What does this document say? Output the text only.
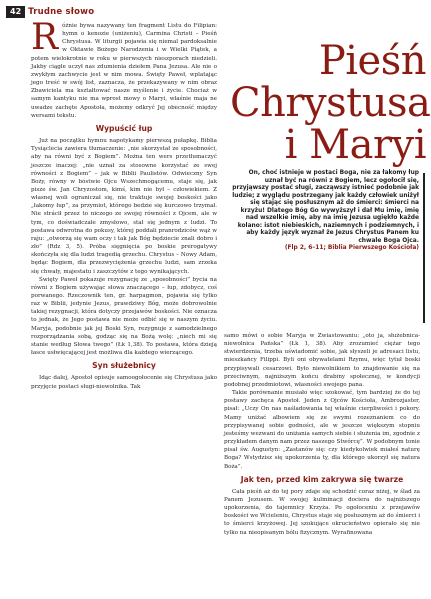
42 Trudne słowo
R óżnie bywa nazywany ten fragment Listu do Filipian: hymn o kenozie (uniżeniu), Carmina Christi – Pieśń Chrystusa. W liturgii pojawia się niemal pardoksalnie w Oktawie Bożego Narodzenia i w Wielki Piątek, a potem wielokrotnie w roku w pierwszych nieszporach niedzieli. Jakby ciągle uczył nas zdumienia dziełem Pana Jezusa. Ale nie o zwykłym zachwycie jest w nim mowa. Święty Paweł, wplatając jego treść w swój list, zaznacza, że przekazywany w nim obraz Zbawiciela ma kształtować nasze myślenie i życie. Chociaż w samym kantyku nie ma wprost mowy o Maryi, właśnie maja ne uwadze zachęte Apostoła, możemy odkryć Jej obecność między wersami tekstu.
Wypuścić łup

Już na początku hymnu napotykamy pierwszą pułapkę. Biblia Tysiąclecia zawiera tłumaczenie: „nie skorzystał ze sposobności, aby na równi być z Bogiem”. Można ten wers przetłumaczyć jeszcze inaczej: „nie uznał za stosowne korzystać ze swej równości z Bogiem” – jak w Biblii Paulistów. Odwieczny Syn Boży, równy w bóstwie Ojcu Wszechmogącemu, staje się, jak pisze św. Jan Chryzostom, kimś, kim nie był – człowiekiem. Z własnej woli ograniczał się, nie traktuje swojej boskości jako „łakomy łup”, za przymiot, którego bedzie się kurczowo trzymał. Nie strácił przez to niczego ze swojej równości z Ojcem, ale w tym, co doświadczałe zmysłowo, stał się jednym z ludzi. To postawa odwrotna do pokusy, której poddali pranrodziców wąż w raju: „otworzą się wam oczy i tak jak Bóg będziecie znali dobro i zło” (Rdz 3, 5). Próba sięgnięcia po boskie prerogatywy skończyła się dla ludzi tragedią grzechu. Chrystus – Nowy Adam, będąc Bogiem, dla przezwyciężenia grzechu ludzi, sam zrzeka się chwały, majestatu i zaszczytów z tego wynikających.

Święty Paweł pokazuje rezygnację ze „sposobności” bycia na równi z Bogiem używając słowa znaczącego – łup, zdobycz, coś porwanego. Rzeczownik ten, gr. harpagmon, pojawia się tylko raz w Biblii, jedynie Jezus, prawdziwy Bóg, może dobrowolnie takiej rezygnacji, która dotyczy przejawów boskości. Nie oznacza to jednak, że Jego postawa nie może odbić się w naszym życiu. Maryja, podobnie jak jej Boski Syn, rezygnuje z samodzielnego rozporządzania sobą, godząc się na Bożą wolę: „niech mi się stanie według Słowa twego” (Łk 1,38). To postawa, która dzieją łasce usłwięcającej jest możliwa dla każdego wierzącego.

Syn służebnicy

Idąc dalej, Apostoł opisuje samoogołocenie się Chrystusa jako przyjęcie postaci sługi-niewolnika. Tak

Pieśń
Chrystusa
i Maryi
On, choć istnieje w postaci Boga, nie za łakomy łup uznał być na równi z Bogiem, lecz ogołocił się, przyjąwszy postać sługi, zacząwszy istnieć podobnie jak ludzie; z wyglądu postrzegany jak każdy człowiek uniżył się stając się posłusznym aż do śmierci: śmierci na krzyżu! Dlatego Bóg Go wywyższył i dał Mu imię, imię nad wszelkie imię, aby na imię Jezusa ugiękło każde kolano: istot niebieskich, naziemnych i podziemnych, i aby każdy język wyznał że Jezus Chrystus Panem ku chwale Boga Ojca.
(Flp 2, 6–11; Biblia Pierwszego Kościoła)

samo mówi o sobie Maryja w Zwiastowaniu: „oto ja, służebnica-niewolnica Pańska” (Łk 1, 38). Aby zrozumieć ciężar tego stwierdzenia, trzeba uświadomić sobie, jak słyszeli je adresaci listu, mieszkańcy Filippi. Byli oni obywatelami Rzymu, więc tytuł boski przypisywali cesarzowi. Było niewolnikiem to znajdowanie się na przeciwnym, najniższym końcu drabiny społecznej, w kondycji podobnej przedmiotowi, własności swojego pana.

Takie porównanie musiało więc szokować, tym bardziej że do tej postawy zachęca Apostoł. Jeden z Ojców Kościoła, Ambrozjaster, pisał: „Uczy On nas naśladowania tej właśnie cierpliwości i pokory. Mamy uniżać albowiem się ze swymi rozeznaniem co do przypisywanej sobie godności, ale w jeszcze większym stopniu jesteśmy wezwani do uniżania samych siebie i służenia im, zgodnie z przykładem danym nam przez naszego Stwórcę”. W podobnym tonie pisał św. Augustyn: „Zastanów się: czy kiedykolwiek miałeś naturę Boga? Wstydzisz się upokorzenia ty, dla którego ukorzył się natura Boża”.

Jak ten, przed kim zakrywa się twarze

Cała pieśń aż do tej pory zdaje się schodzić coraz niżej, w ślad za Panem Jezusem. W swojej kulminacji dociera do najniższego upokorzenia, do tajemnicy Krzyża. Po ogołoceniu z przejawów boskości we Wcieleniu, Chrystus staje się posłusznym aż do śmierci i to śmierci krzyżowej. Jej szokujące okrucieństwo opierało się nie tylko na nieopisanym bólu fizycznym. Wyrafinowana
